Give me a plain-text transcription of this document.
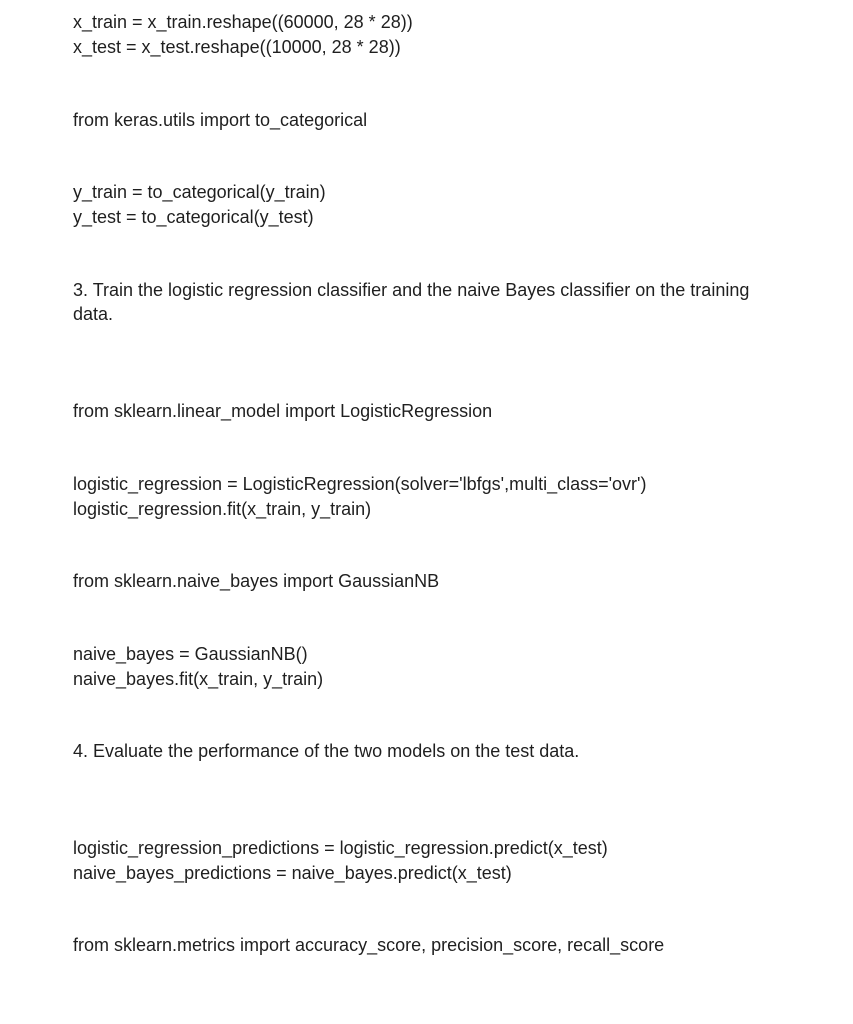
x_train = x_train.reshape((60000, 28 * 28))

x_test = x_test.reshape((10000, 28 * 28))

from keras.utils import to_categorical

y_train = to_categorical(y_train)

y_test = to_categorical(y_test)

3. Train the logistic regression classifier and the naive Bayes classifier on the training data.

from sklearn.linear_model import LogisticRegression

logistic_regression = LogisticRegression(solver='lbfgs',multi_class='ovr')

logistic_regression.fit(x_train, y_train)

from sklearn.naive_bayes import GaussianNB

naive_bayes = GaussianNB()

naive_bayes.fit(x_train, y_train)

4. Evaluate the performance of the two models on the test data.

logistic_regression_predictions = logistic_regression.predict(x_test)

naive_bayes_predictions = naive_bayes.predict(x_test)

from sklearn.metrics import accuracy_score, precision_score, recall_score
